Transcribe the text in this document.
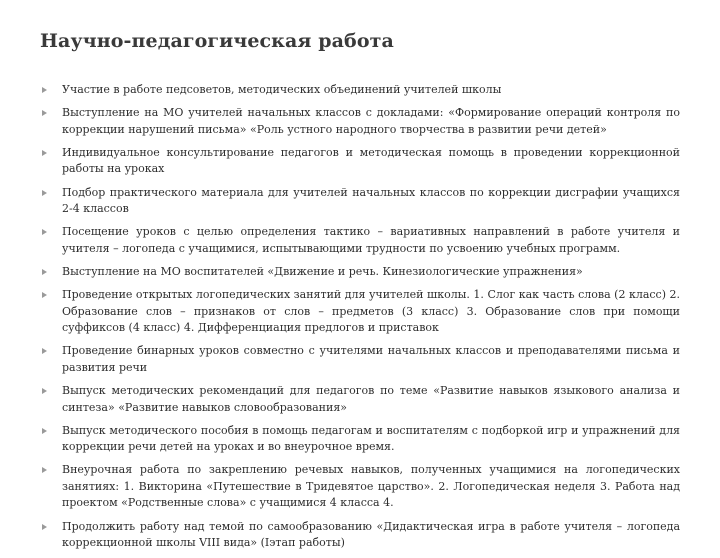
Научно-педагогическая работа
Участие в работе педсоветов, методических объединений учителей школы
Выступление на МО учителей начальных классов с докладами: «Формирование операций контроля по коррекции нарушений письма» «Роль устного народного творчества в развитии речи детей»
Индивидуальное консультирование педагогов и методическая помощь в проведении коррекционной работы на уроках
Подбор практического материала для учителей начальных классов по коррекции дисграфии учащихся 2-4 классов
Посещение уроков с целью определения тактико – вариативных направлений в работе учителя и учителя – логопеда с учащимися, испытывающими трудности по усвоению учебных программ.
Выступление на МО воспитателей «Движение и речь. Кинезиологические упражнения»
Проведение открытых логопедических занятий для учителей школы. 1. Слог как часть слова (2 класс) 2. Образование слов – признаков от слов – предметов (3 класс) 3. Образование слов при помощи суффиксов (4 класс) 4. Дифференциация предлогов и приставок
Проведение бинарных уроков совместно с учителями начальных классов и преподавателями письма и развития речи
Выпуск методических рекомендаций для педагогов по теме «Развитие навыков языкового анализа и синтеза» «Развитие навыков словообразования»
Выпуск методического пособия в помощь педагогам и воспитателям с подборкой игр и упражнений для коррекции речи детей на уроках и во внеурочное время.
Внеурочная работа по закреплению речевых навыков, полученных учащимися на логопедических занятиях: 1. Викторина «Путешествие в Тридевятое царство». 2. Логопедическая неделя 3. Работа над проектом «Родственные слова» с учащимися 4 класса 4.
Продолжить работу над темой по самообразованию «Дидактическая игра в работе учителя – логопеда коррекционной школы VIII вида» (Iэтап работы)
